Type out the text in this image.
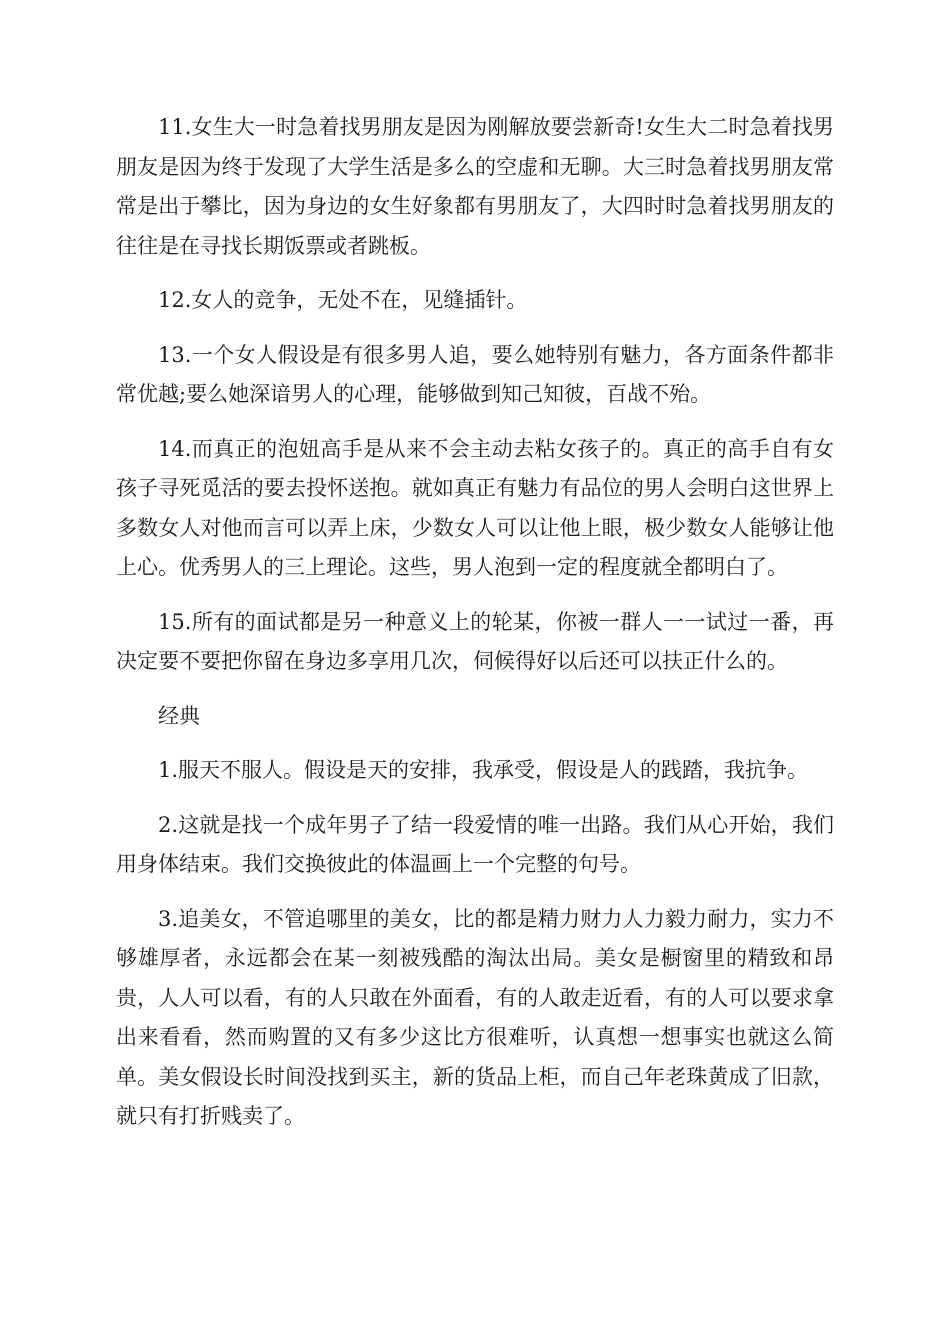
11.女生大一时急着找男朋友是因为刚解放要尝新奇!女生大二时急着找男朋友是因为终于发现了大学生活是多么的空虚和无聊。大三时急着找男朋友常常是出于攀比，因为身边的女生好象都有男朋友了，大四时时急着找男朋友的往往是在寻找长期饭票或者跳板。

12.女人的竞争，无处不在，见缝插针。

13.一个女人假设是有很多男人追，要么她特别有魅力，各方面条件都非常优越;要么她深谙男人的心理，能够做到知己知彼，百战不殆。

14.而真正的泡妞高手是从来不会主动去粘女孩子的。真正的高手自有女孩子寻死觅活的要去投怀送抱。就如真正有魅力有品位的男人会明白这世界上多数女人对他而言可以弄上床，少数女人可以让他上眼，极少数女人能够让他上心。优秀男人的三上理论。这些，男人泡到一定的程度就全都明白了。

15.所有的面试都是另一种意义上的轮某，你被一群人一一试过一番，再决定要不要把你留在身边多享用几次，伺候得好以后还可以扶正什么的。

经典

1.服天不服人。假设是天的安排，我承受，假设是人的践踏，我抗争。

2.这就是找一个成年男子了结一段爱情的唯一出路。我们从心开始，我们用身体结束。我们交换彼此的体温画上一个完整的句号。

3.追美女，不管追哪里的美女，比的都是精力财力人力毅力耐力，实力不够雄厚者，永远都会在某一刻被残酷的淘汰出局。美女是橱窗里的精致和昂贵，人人可以看，有的人只敢在外面看，有的人敢走近看，有的人可以要求拿出来看看，然而购置的又有多少这比方很难听，认真想一想事实也就这么简单。美女假设长时间没找到买主，新的货品上柜，而自己年老珠黄成了旧款，就只有打折贱卖了。
